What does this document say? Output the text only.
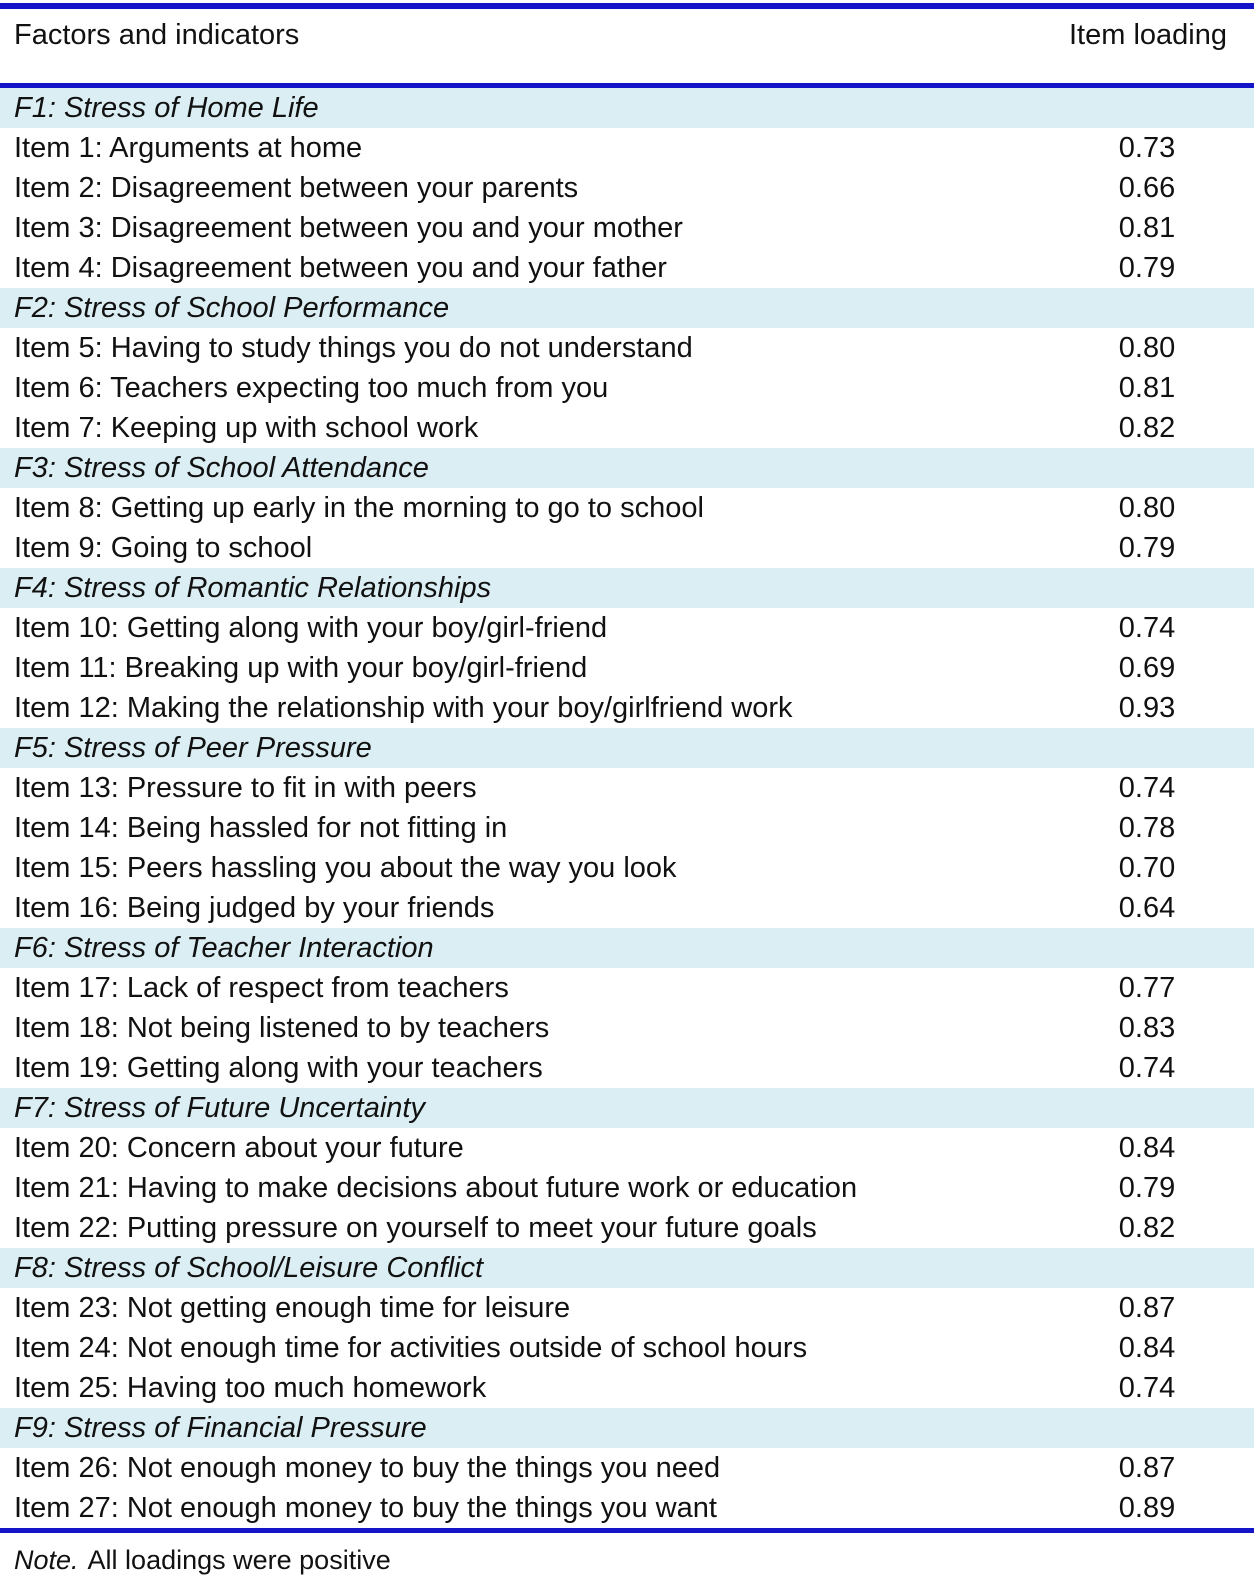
Factors and indicators	Item loading
F1: Stress of Home Life
Item 1: Arguments at home	0.73
Item 2: Disagreement between your parents	0.66
Item 3: Disagreement between you and your mother	0.81
Item 4: Disagreement between you and your father	0.79
F2: Stress of School Performance
Item 5: Having to study things you do not understand	0.80
Item 6: Teachers expecting too much from you	0.81
Item 7: Keeping up with school work	0.82
F3: Stress of School Attendance
Item 8: Getting up early in the morning to go to school	0.80
Item 9: Going to school	0.79
F4: Stress of Romantic Relationships
Item 10: Getting along with your boy/girl-friend	0.74
Item 11: Breaking up with your boy/girl-friend	0.69
Item 12: Making the relationship with your boy/girlfriend work	0.93
F5: Stress of Peer Pressure
Item 13: Pressure to fit in with peers	0.74
Item 14: Being hassled for not fitting in	0.78
Item 15: Peers hassling you about the way you look	0.70
Item 16: Being judged by your friends	0.64
F6: Stress of Teacher Interaction
Item 17: Lack of respect from teachers	0.77
Item 18: Not being listened to by teachers	0.83
Item 19: Getting along with your teachers	0.74
F7: Stress of Future Uncertainty
Item 20: Concern about your future	0.84
Item 21: Having to make decisions about future work or education	0.79
Item 22: Putting pressure on yourself to meet your future goals	0.82
F8: Stress of School/Leisure Conflict
Item 23: Not getting enough time for leisure	0.87
Item 24: Not enough time for activities outside of school hours	0.84
Item 25: Having too much homework	0.74
F9: Stress of Financial Pressure
Item 26: Not enough money to buy the things you need	0.87
Item 27: Not enough money to buy the things you want	0.89
Note. All loadings were positive
